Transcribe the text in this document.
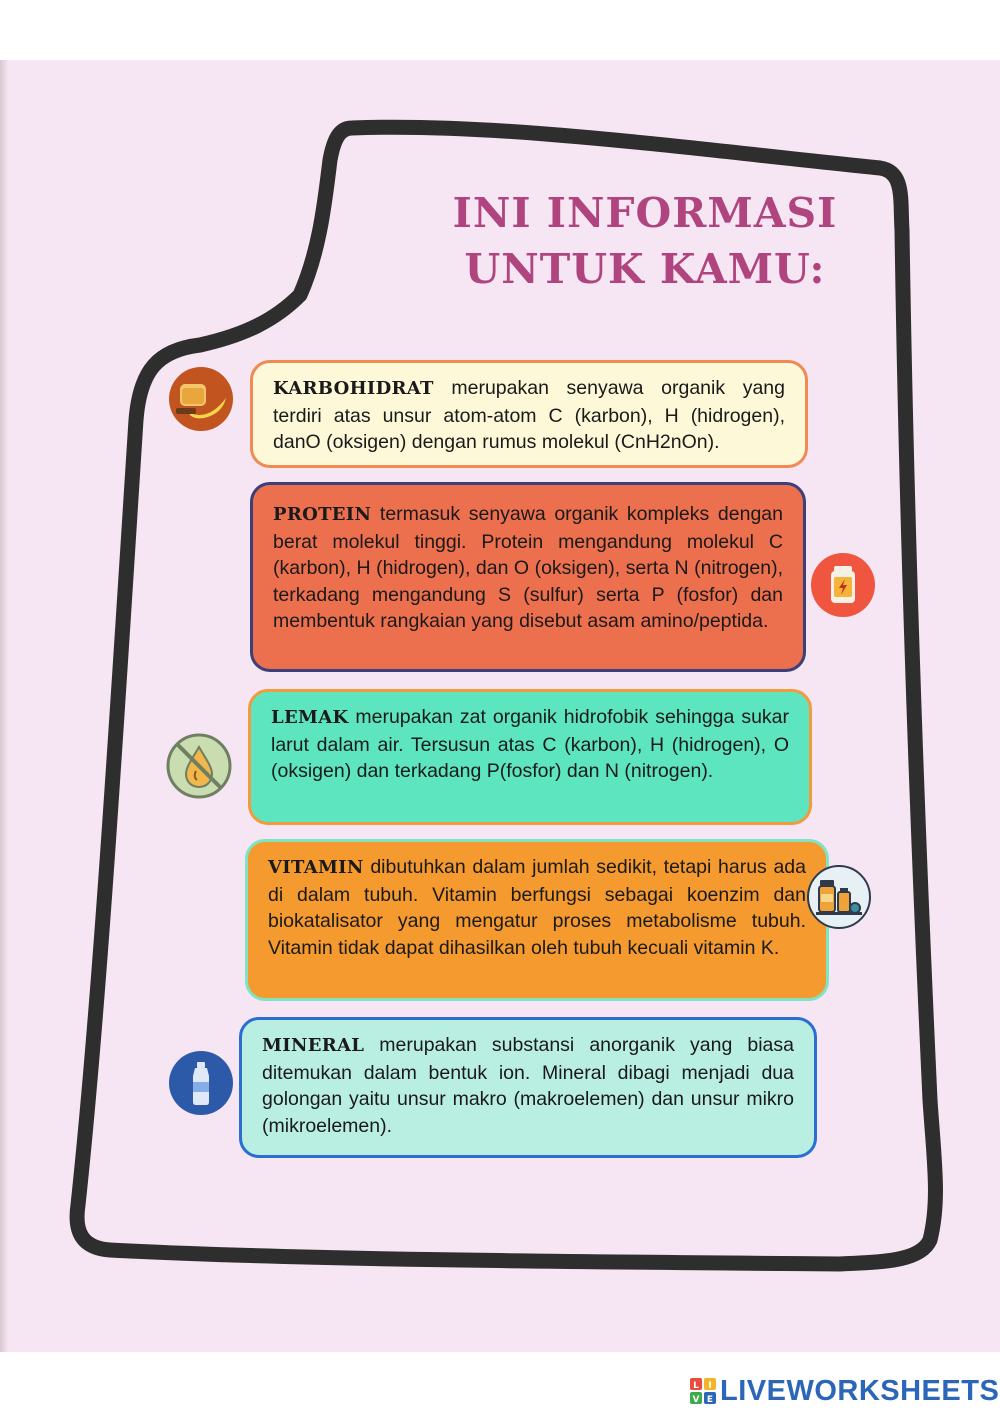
INI INFORMASI
UNTUK KAMU:
KARBOHIDRAT merupakan senyawa organik yang terdiri atas unsur atom-atom C (karbon), H (hidrogen), danO (oksigen) dengan rumus molekul (CnH2nOn).
PROTEIN termasuk senyawa organik kompleks dengan berat molekul tinggi. Protein mengandung molekul C (karbon), H (hidrogen), dan O (oksigen), serta N (nitrogen), terkadang mengandung S (sulfur) serta P (fosfor) dan membentuk rangkaian yang disebut asam amino/peptida.
LEMAK merupakan zat organik hidrofobik sehingga sukar larut dalam air. Tersusun atas C (karbon), H (hidrogen), O (oksigen) dan terkadang P(fosfor) dan N (nitrogen).
VITAMIN dibutuhkan dalam jumlah sedikit, tetapi harus ada di dalam tubuh. Vitamin berfungsi sebagai koenzim dan biokatalisator yang mengatur proses metabolisme tubuh. Vitamin tidak dapat dihasilkan oleh tubuh kecuali vitamin K.
MINERAL merupakan substansi anorganik yang biasa ditemukan dalam bentuk ion. Mineral dibagi menjadi dua golongan yaitu unsur makro (makroelemen) dan unsur mikro (mikroelemen).
L I
V E LIVEWORKSHEETS
